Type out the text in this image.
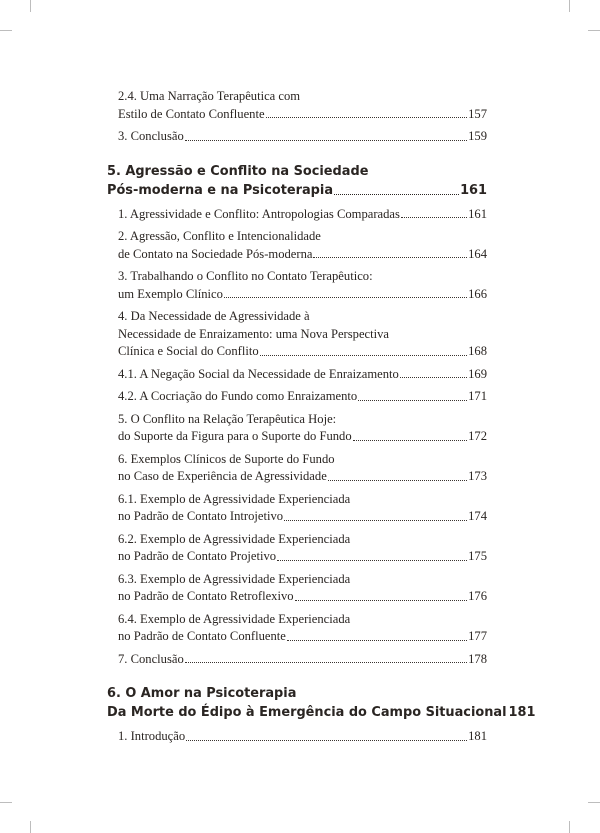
2.4. Uma Narração Terapêutica com
Estilo de Contato Confluente	157
3. Conclusão	159
5. Agressão e Conflito na Sociedade
Pós-moderna e na Psicoterapia	161
1. Agressividade e Conflito: Antropologias Comparadas	161
2. Agressão, Conflito e Intencionalidade
de Contato na Sociedade Pós-moderna	164
3. Trabalhando o Conflito no Contato Terapêutico:
um Exemplo Clínico	166
4. Da Necessidade de Agressividade à
Necessidade de Enraizamento: uma Nova Perspectiva
Clínica e Social do Conflito	168
4.1. A Negação Social da Necessidade de Enraizamento	169
4.2. A Cocriação do Fundo como Enraizamento	171
5. O Conflito na Relação Terapêutica Hoje:
do Suporte da Figura para o Suporte do Fundo	172
6. Exemplos Clínicos de Suporte do Fundo
no Caso de Experiência de Agressividade	173
6.1. Exemplo de Agressividade Experienciada
no Padrão de Contato Introjetivo	174
6.2. Exemplo de Agressividade Experienciada
no Padrão de Contato Projetivo	175
6.3. Exemplo de Agressividade Experienciada
no Padrão de Contato Retroflexivo	176
6.4. Exemplo de Agressividade Experienciada
no Padrão de Contato Confluente	177
7. Conclusão	178
6. O Amor na Psicoterapia
Da Morte do Édipo à Emergência do Campo Situacional 181
1. Introdução	181
